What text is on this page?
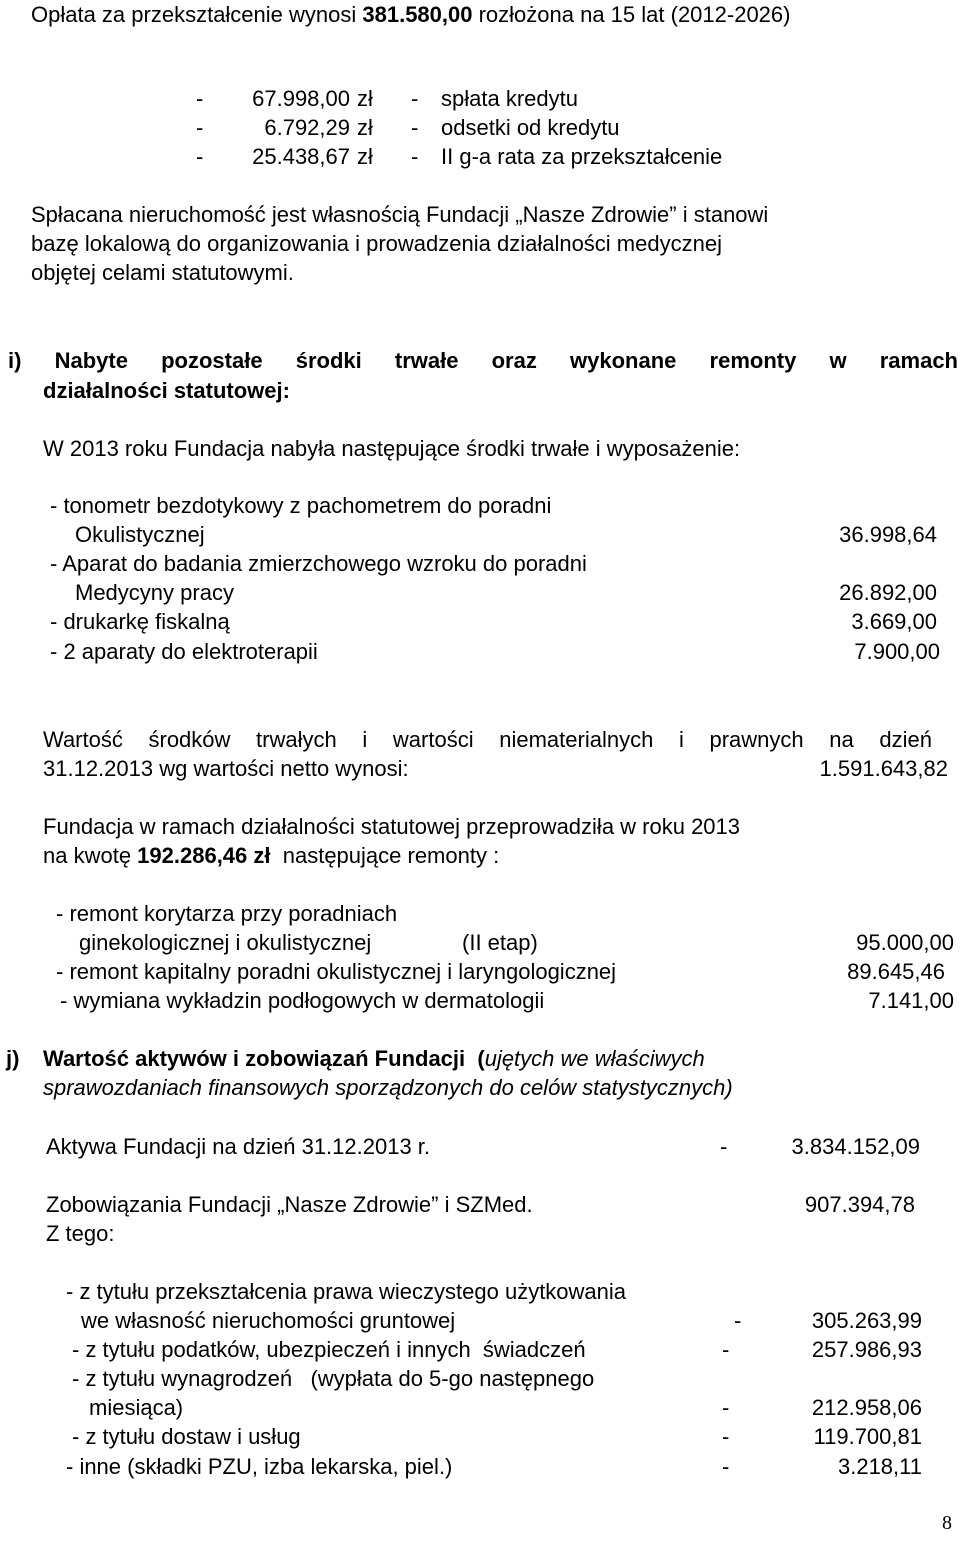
Opłata za przekształcenie wynosi 381.580,00 rozłożona na 15 lat (2012-2026)
- 67.998,00 zł - spłata kredytu
-	6.792,29 zł - odsetki od kredytu
- 25.438,67 zł - II g-a rata za przekształcenie
Spłacana nieruchomość jest własnością Fundacji „Nasze Zdrowie” i stanowi
bazę lokalową do organizowania i prowadzenia działalności medycznej
objętej celami statutowymi.
i) Nabyte pozostałe środki trwałe oraz wykonane remonty w ramach
działalności statutowej:
W 2013 roku Fundacja nabyła następujące środki trwałe i wyposażenie:
- tonometr bezdotykowy z pachometrem do poradni
Okulistycznej	36.998,64
- Aparat do badania zmierzchowego wzroku do poradni
Medycyny pracy	26.892,00
- drukarkę fiskalną	3.669,00
- 2 aparaty do elektroterapii	7.900,00
Wartość środków trwałych i wartości niematerialnych i prawnych na dzień
31.12.2013 wg wartości netto wynosi:	1.591.643,82
Fundacja w ramach działalności statutowej przeprowadziła w roku 2013
na kwotę 192.286,46 zł  następujące remonty :
- remont korytarza przy poradniach
ginekologicznej i okulistycznej	(II etap)	95.000,00
- remont kapitalny poradni okulistycznej i laryngologicznej	89.645,46
- wymiana wykładzin podłogowych w dermatologii	7.141,00
j) Wartość aktywów i zobowiązań Fundacji (ujętych we właściwych
sprawozdaniach finansowych sporządzonych do celów statystycznych)
Aktywa Fundacji na dzień 31.12.2013 r.	-	3.834.152,09
Zobowiązania Fundacji „Nasze Zdrowie” i SZMed.	907.394,78
Z tego:
- z tytułu przekształcenia prawa wieczystego użytkowania
we własność nieruchomości gruntowej	-	305.263,99
- z tytułu podatków, ubezpieczeń i innych  świadczeń	-	257.986,93
- z tytułu wynagrodzeń   (wypłata do 5-go następnego
miesiąca)	-	212.958,06
- z tytułu dostaw i usług	-	119.700,81
- inne (składki PZU, izba lekarska, piel.)	-	3.218,11
8
